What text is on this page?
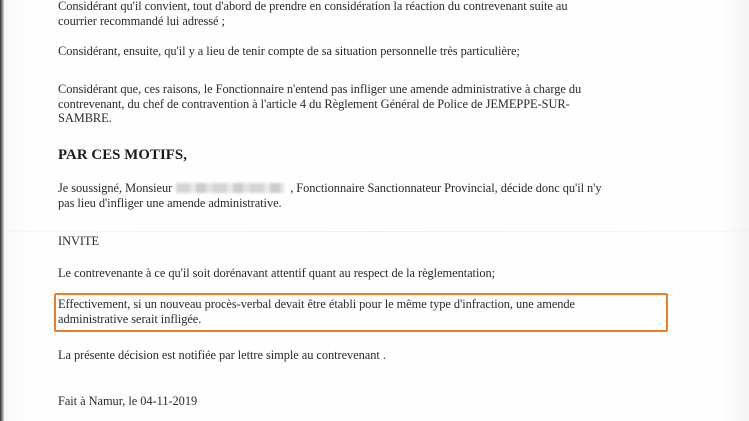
Considérant qu'il convient, tout d'abord de prendre en considération la réaction du contrevenant suite au
courrier recommandé lui adressé ;
Considérant, ensuite, qu'il y a lieu de tenir compte de sa situation personnelle très particulière;
Considérant que, ces raisons, le Fonctionnaire n'entend pas infliger une amende administrative à charge du
contrevenant, du chef de contravention à l'article 4 du Règlement Général de Police de JEMEPPE-SUR-
SAMBRE.
PAR CES MOTIFS,
Je soussigné, Monsieur	, Fonctionnaire Sanctionnateur Provincial, décide donc qu'il n'y
pas lieu d'infliger une amende administrative.
INVITE
Le contrevenante à ce qu'il soit dorénavant attentif quant au respect de la règlementation;
Effectivement, si un nouveau procès-verbal devait être établi pour le même type d'infraction, une amende
administrative serait infligée.
La présente décision est notifiée par lettre simple au contrevenant .
Fait à Namur, le 04-11-2019
